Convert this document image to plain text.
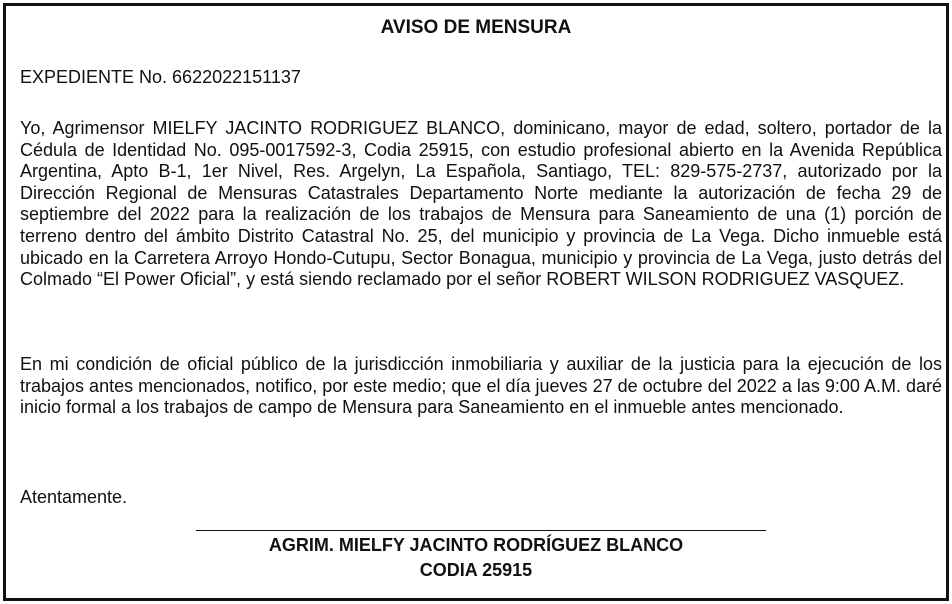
AVISO DE MENSURA
EXPEDIENTE No. 6622022151137
Yo, Agrimensor MIELFY JACINTO RODRIGUEZ BLANCO, dominicano, mayor de edad, soltero, portador de la Cédula de Identidad No. 095-0017592-3, Codia 25915, con estudio profesional abierto en la Avenida República Argentina, Apto B-1, 1er Nivel, Res. Argelyn, La Española, Santiago, TEL: 829-575-2737, autorizado por la Dirección Regional de Mensuras Catastrales Departamento Norte mediante la autorización de fecha 29 de septiembre del 2022 para la realización de los trabajos de Mensura para Saneamiento de una (1) porción de terreno dentro del ámbito Distrito Catastral No. 25, del municipio y provincia de La Vega. Dicho inmueble está ubicado en la Carretera Arroyo Hondo-Cutupu, Sector Bonagua, municipio y provincia de La Vega, justo detrás del Colmado “El Power Oficial”, y está siendo reclamado por el señor ROBERT WILSON RODRIGUEZ VASQUEZ.
En mi condición de oficial público de la jurisdicción inmobiliaria y auxiliar de la justicia para la ejecución de los trabajos antes mencionados, notifico, por este medio; que el día jueves 27 de octubre del 2022 a las 9:00 A.M. daré inicio formal a los trabajos de campo de Mensura para Saneamiento en el inmueble antes mencionado.
Atentamente.
AGRIM. MIELFY JACINTO RODRÍGUEZ BLANCO
CODIA 25915
